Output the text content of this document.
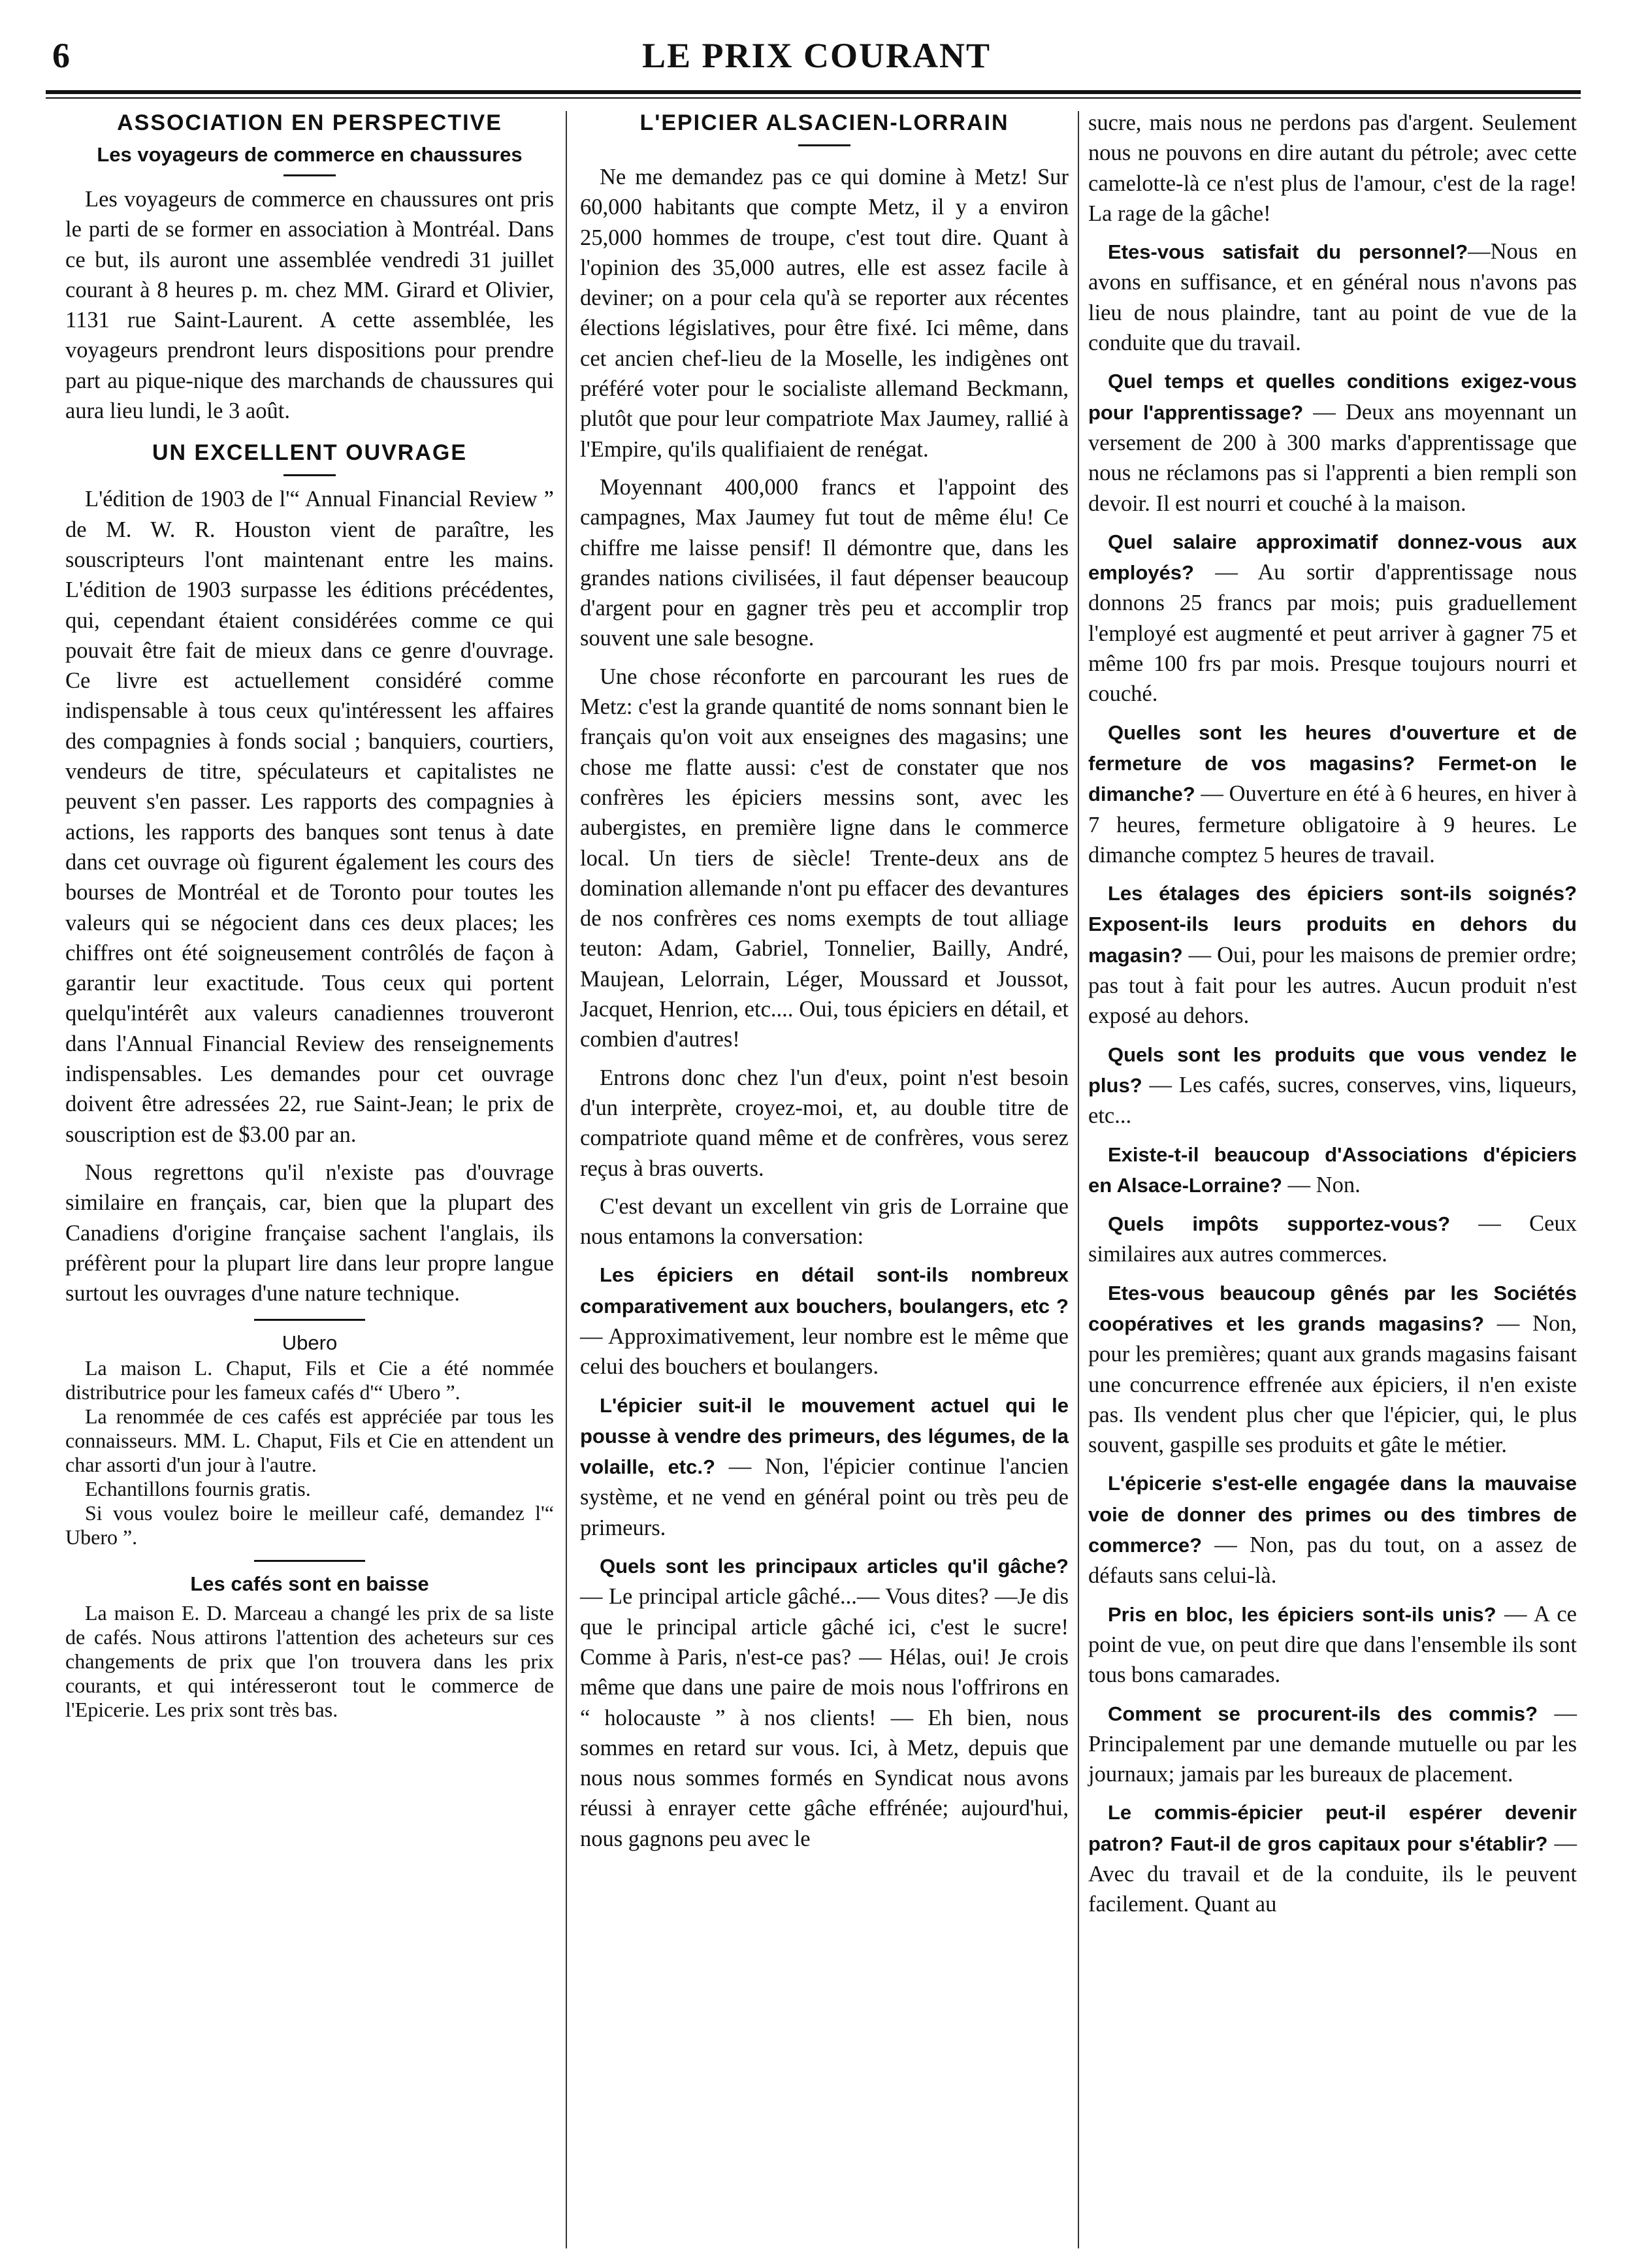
6	LE PRIX COURANT
ASSOCIATION EN PERSPECTIVE
Les voyageurs de commerce en chaussures

Les voyageurs de commerce en chaussures ont pris le parti de se former en association à Montréal. Dans ce but, ils auront une assemblée vendredi 31 juillet courant à 8 heures p. m. chez MM. Girard et Olivier, 1131 rue Saint-Laurent. A cette assemblée, les voyageurs prendront leurs dispositions pour prendre part au pique-nique des marchands de chaussures qui aura lieu lundi, le 3 août.

UN EXCELLENT OUVRAGE

L'édition de 1903 de l'“ Annual Financial Review ” de M. W. R. Houston vient de paraître, les souscripteurs l'ont maintenant entre les mains. L'édition de 1903 surpasse les éditions précédentes, qui, cependant étaient considérées comme ce qui pouvait être fait de mieux dans ce genre d'ouvrage. Ce livre est actuellement considéré comme indispensable à tous ceux qu'intéressent les affaires des compagnies à fonds social ; banquiers, courtiers, vendeurs de titre, spéculateurs et capitalistes ne peuvent s'en passer. Les rapports des compagnies à actions, les rapports des banques sont tenus à date dans cet ouvrage où figurent également les cours des bourses de Montréal et de Toronto pour toutes les valeurs qui se négocient dans ces deux places; les chiffres ont été soigneusement contrôlés de façon à garantir leur exactitude. Tous ceux qui portent quelqu'intérêt aux valeurs canadiennes trouveront dans l'Annual Financial Review des renseignements indispensables. Les demandes pour cet ouvrage doivent être adressées 22, rue Saint-Jean; le prix de souscription est de $3.00 par an.

Nous regrettons qu'il n'existe pas d'ouvrage similaire en français, car, bien que la plupart des Canadiens d'origine française sachent l'anglais, ils préfèrent pour la plupart lire dans leur propre langue surtout les ouvrages d'une nature technique.

Ubero

La maison L. Chaput, Fils et Cie a été nommée distributrice pour les fameux cafés d'“ Ubero ”.

La renommée de ces cafés est appréciée par tous les connaisseurs. MM. L. Chaput, Fils et Cie en attendent un char assorti d'un jour à l'autre.

Echantillons fournis gratis.

Si vous voulez boire le meilleur café, demandez l'“ Ubero ”.

Les cafés sont en baisse

La maison E. D. Marceau a changé les prix de sa liste de cafés. Nous attirons l'attention des acheteurs sur ces changements de prix que l'on trouvera dans les prix courants, et qui intéresseront tout le commerce de l'Epicerie. Les prix sont très bas.

L'EPICIER ALSACIEN-LORRAIN

Ne me demandez pas ce qui domine à Metz! Sur 60,000 habitants que compte Metz, il y a environ 25,000 hommes de troupe, c'est tout dire. Quant à l'opinion des 35,000 autres, elle est assez facile à deviner; on a pour cela qu'à se reporter aux récentes élections législatives, pour être fixé. Ici même, dans cet ancien chef-lieu de la Moselle, les indigènes ont préféré voter pour le socialiste allemand Beckmann, plutôt que pour leur compatriote Max Jaumey, rallié à l'Empire, qu'ils qualifiaient de renégat.

Moyennant 400,000 francs et l'appoint des campagnes, Max Jaumey fut tout de même élu! Ce chiffre me laisse pensif! Il démontre que, dans les grandes nations civilisées, il faut dépenser beaucoup d'argent pour en gagner très peu et accomplir trop souvent une sale besogne.

Une chose réconforte en parcourant les rues de Metz: c'est la grande quantité de noms sonnant bien le français qu'on voit aux enseignes des magasins; une chose me flatte aussi: c'est de constater que nos confrères les épiciers messins sont, avec les aubergistes, en première ligne dans le commerce local. Un tiers de siècle! Trente-deux ans de domination allemande n'ont pu effacer des devantures de nos confrères ces noms exempts de tout alliage teuton: Adam, Gabriel, Tonnelier, Bailly, André, Maujean, Lelorrain, Léger, Moussard et Joussot, Jacquet, Henrion, etc.... Oui, tous épiciers en détail, et combien d'autres!

Entrons donc chez l'un d'eux, point n'est besoin d'un interprète, croyez-moi, et, au double titre de compatriote quand même et de confrères, vous serez reçus à bras ouverts.

C'est devant un excellent vin gris de Lorraine que nous entamons la conversation:

Les épiciers en détail sont-ils nombreux comparativement aux bouchers, boulangers, etc ? — Approximativement, leur nombre est le même que celui des bouchers et boulangers.

L'épicier suit-il le mouvement actuel qui le pousse à vendre des primeurs, des légumes, de la volaille, etc.? — Non, l'épicier continue l'ancien système, et ne vend en général point ou très peu de primeurs.

Quels sont les principaux articles qu'il gâche? — Le principal article gâché...— Vous dites? —Je dis que le principal article gâché ici, c'est le sucre! Comme à Paris, n'est-ce pas? — Hélas, oui! Je crois même que dans une paire de mois nous l'offrirons en “ holocauste ” à nos clients! — Eh bien, nous sommes en retard sur vous. Ici, à Metz, depuis que nous nous sommes formés en Syndicat nous avons réussi à enrayer cette gâche effrénée; aujourd'hui, nous gagnons peu avec le

sucre, mais nous ne perdons pas d'argent. Seulement nous ne pouvons en dire autant du pétrole; avec cette camelotte-là ce n'est plus de l'amour, c'est de la rage! La rage de la gâche!

Etes-vous satisfait du personnel?—Nous en avons en suffisance, et en général nous n'avons pas lieu de nous plaindre, tant au point de vue de la conduite que du travail.

Quel temps et quelles conditions exigez-vous pour l'apprentissage? — Deux ans moyennant un versement de 200 à 300 marks d'apprentissage que nous ne réclamons pas si l'apprenti a bien rempli son devoir. Il est nourri et couché à la maison.

Quel salaire approximatif donnez-vous aux employés? — Au sortir d'apprentissage nous donnons 25 francs par mois; puis graduellement l'employé est augmenté et peut arriver à gagner 75 et même 100 frs par mois. Presque toujours nourri et couché.

Quelles sont les heures d'ouverture et de fermeture de vos magasins? Fermet-on le dimanche? — Ouverture en été à 6 heures, en hiver à 7 heures, fermeture obligatoire à 9 heures. Le dimanche comptez 5 heures de travail.

Les étalages des épiciers sont-ils soignés? Exposent-ils leurs produits en dehors du magasin? — Oui, pour les maisons de premier ordre; pas tout à fait pour les autres. Aucun produit n'est exposé au dehors.

Quels sont les produits que vous vendez le plus? — Les cafés, sucres, conserves, vins, liqueurs, etc...

Existe-t-il beaucoup d'Associations d'épiciers en Alsace-Lorraine? — Non.

Quels impôts supportez-vous? — Ceux similaires aux autres commerces.

Etes-vous beaucoup gênés par les Sociétés coopératives et les grands magasins? — Non, pour les premières; quant aux grands magasins faisant une concurrence effrenée aux épiciers, il n'en existe pas. Ils vendent plus cher que l'épicier, qui, le plus souvent, gaspille ses produits et gâte le métier.

L'épicerie s'est-elle engagée dans la mauvaise voie de donner des primes ou des timbres de commerce? — Non, pas du tout, on a assez de défauts sans celui-là.

Pris en bloc, les épiciers sont-ils unis? — A ce point de vue, on peut dire que dans l'ensemble ils sont tous bons camarades.

Comment se procurent-ils des commis? — Principalement par une demande mutuelle ou par les journaux; jamais par les bureaux de placement.

Le commis-épicier peut-il espérer devenir patron? Faut-il de gros capitaux pour s'établir? — Avec du travail et de la conduite, ils le peuvent facilement. Quant au
